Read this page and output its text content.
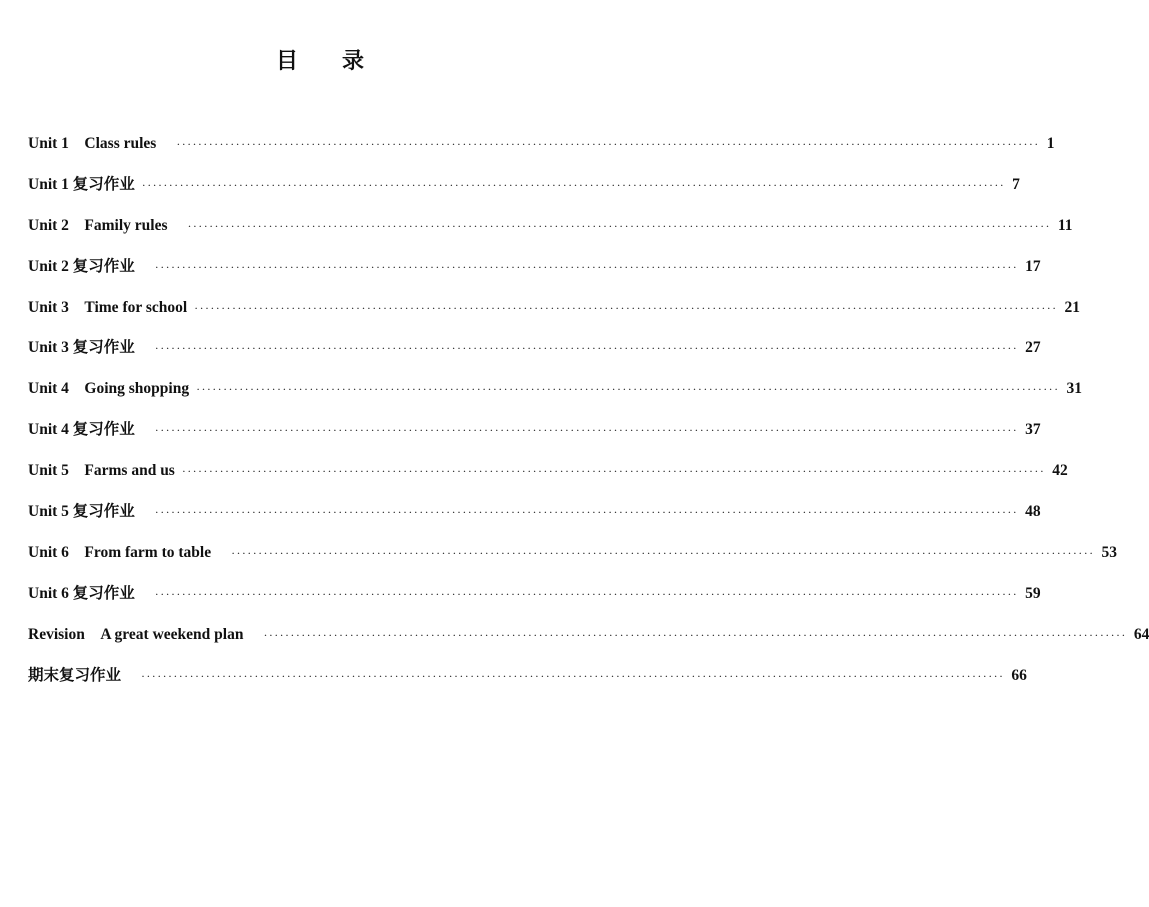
目　　录
Unit 1　Class rules ································································································································································ 1
Unit 1 复习作业 ································································································································································ 7
Unit 2　Family rules ································································································································································ 11
Unit 2 复习作业 ································································································································································ 17
Unit 3　Time for school ································································································································································ 21
Unit 3 复习作业 ································································································································································ 27
Unit 4　Going shopping ································································································································································ 31
Unit 4 复习作业 ································································································································································ 37
Unit 5　Farms and us ································································································································································ 42
Unit 5 复习作业 ································································································································································ 48
Unit 6　From farm to table ································································································································································ 53
Unit 6 复习作业 ································································································································································ 59
Revision　A great weekend plan ································································································································································ 64
期末复习作业 ································································································································································ 66
